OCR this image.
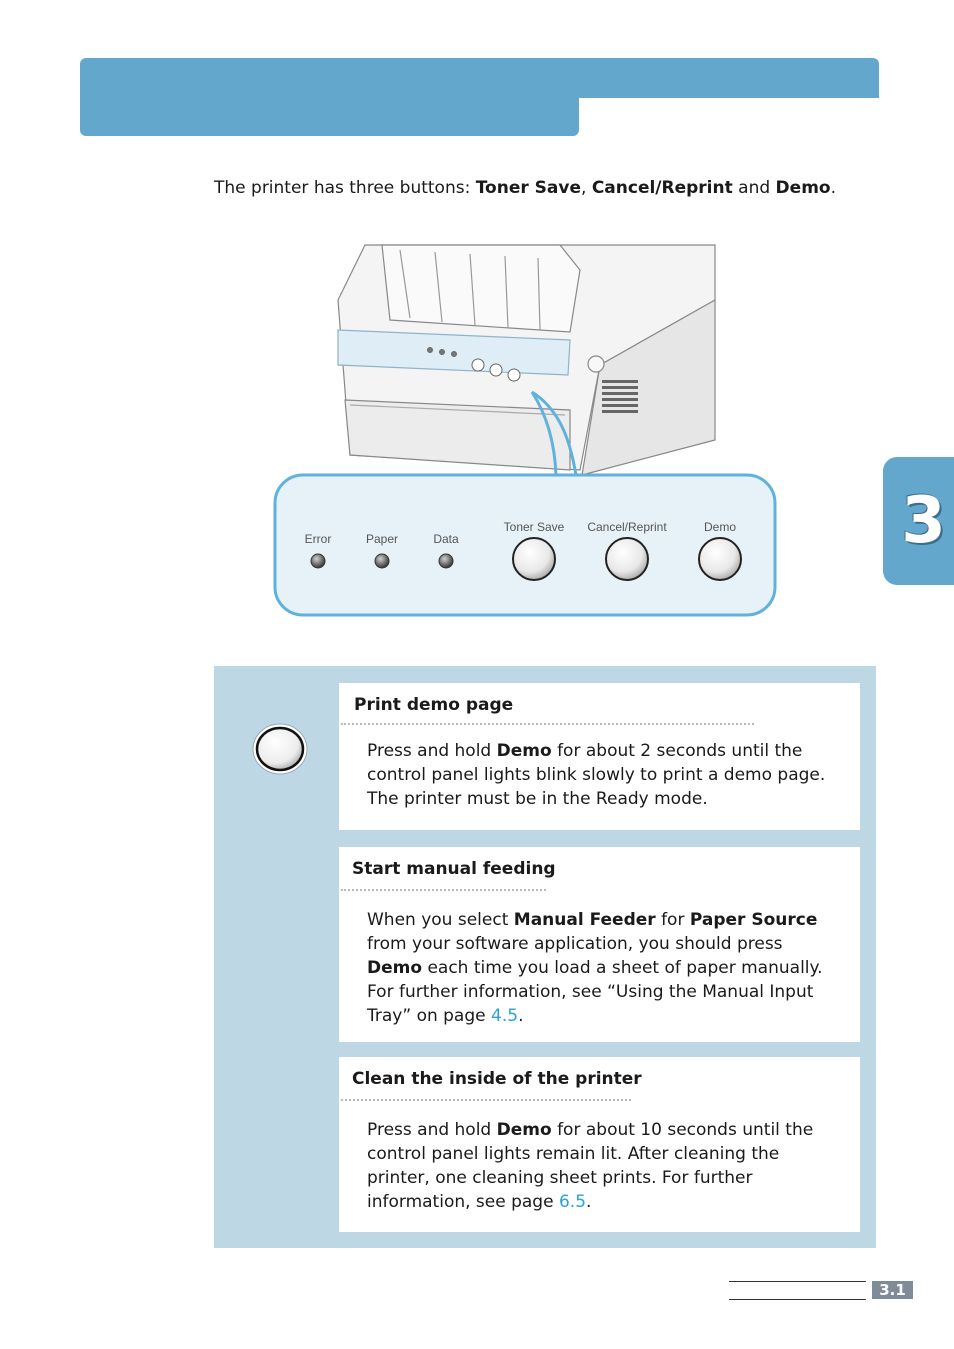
3

The printer has three buttons: Toner Save, Cancel/Reprint and Demo.

Error	Paper	Data
Toner Save Cancel/Reprint	Demo
Print demo page
Press and hold Demo for about 2 seconds until the control panel lights blink slowly to print a demo page. The printer must be in the Ready mode.
Start manual feeding
When you select Manual Feeder for Paper Source from your software application, you should press Demo each time you load a sheet of paper manually. For further information, see “Using the Manual Input Tray” on page 4.5.
Clean the inside of the printer
Press and hold Demo for about 10 seconds until the control panel lights remain lit. After cleaning the printer, one cleaning sheet prints. For further information, see page 6.5.
3.1
